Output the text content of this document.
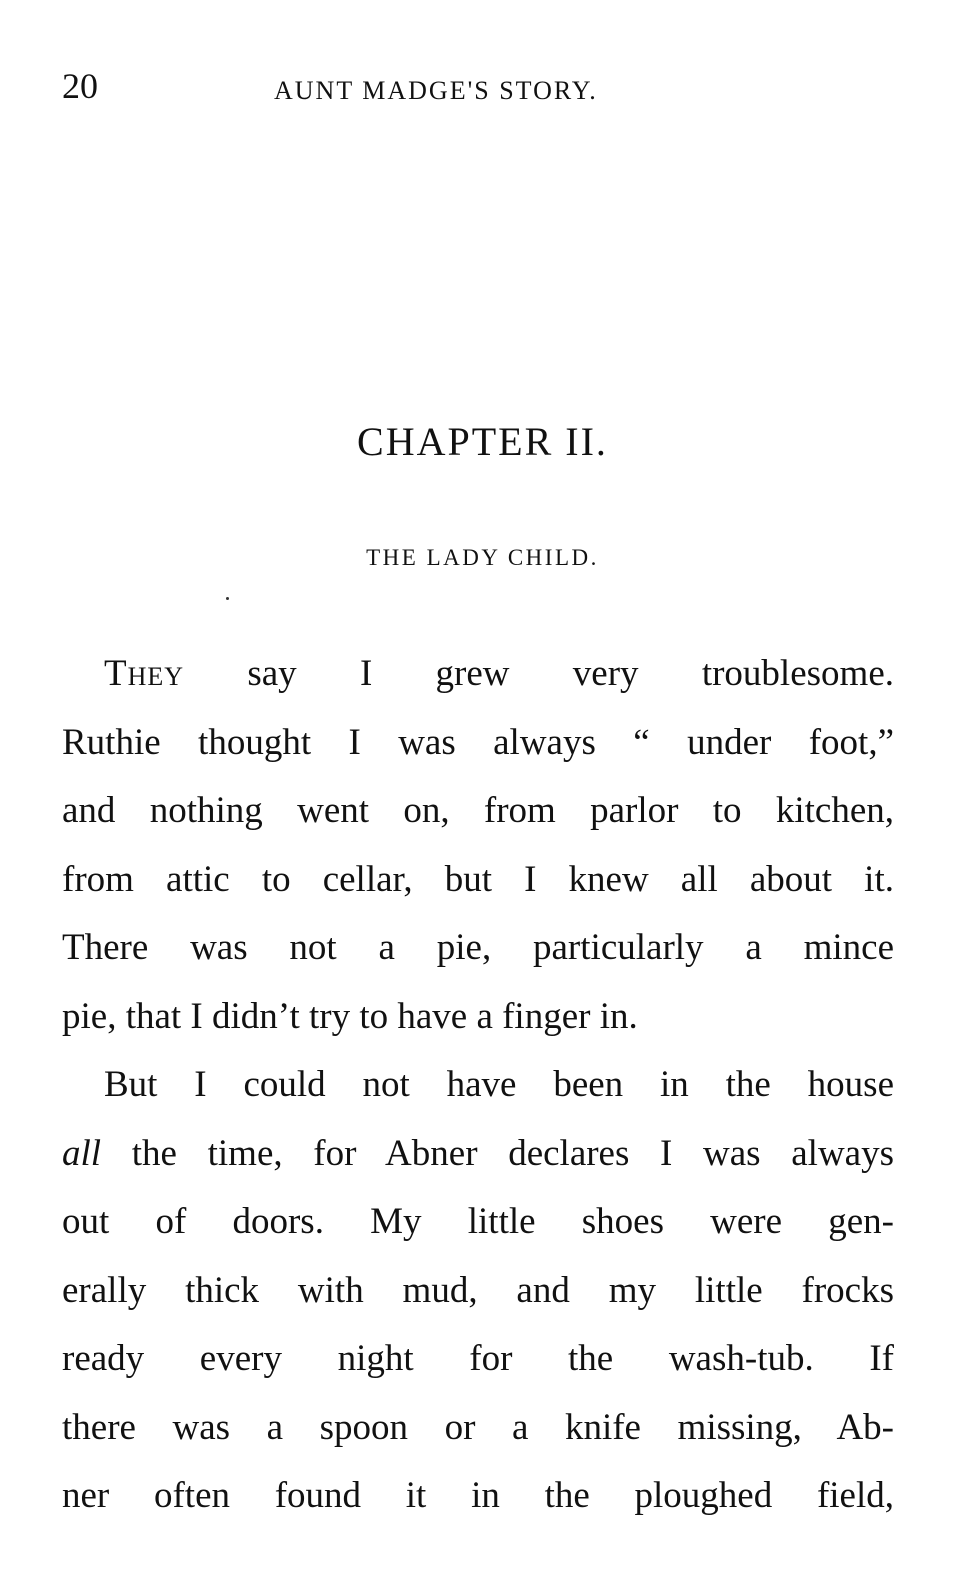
20	AUNT MADGE'S STORY.
CHAPTER II.
THE LADY CHILD.
They say I grew very troublesome.
Ruthie thought I was always “ under foot,”
and nothing went on, from parlor to kitchen,
from attic to cellar, but I knew all about it.
There was not a pie, particularly a mince
pie, that I didn’t try to have a finger in.
But I could not have been in the house
all the time, for Abner declares I was always
out of doors. My little shoes were gen-
erally thick with mud, and my little frocks
ready every night for the wash-tub. If
there was a spoon or a knife missing, Ab-
ner often found it in the ploughed field,
